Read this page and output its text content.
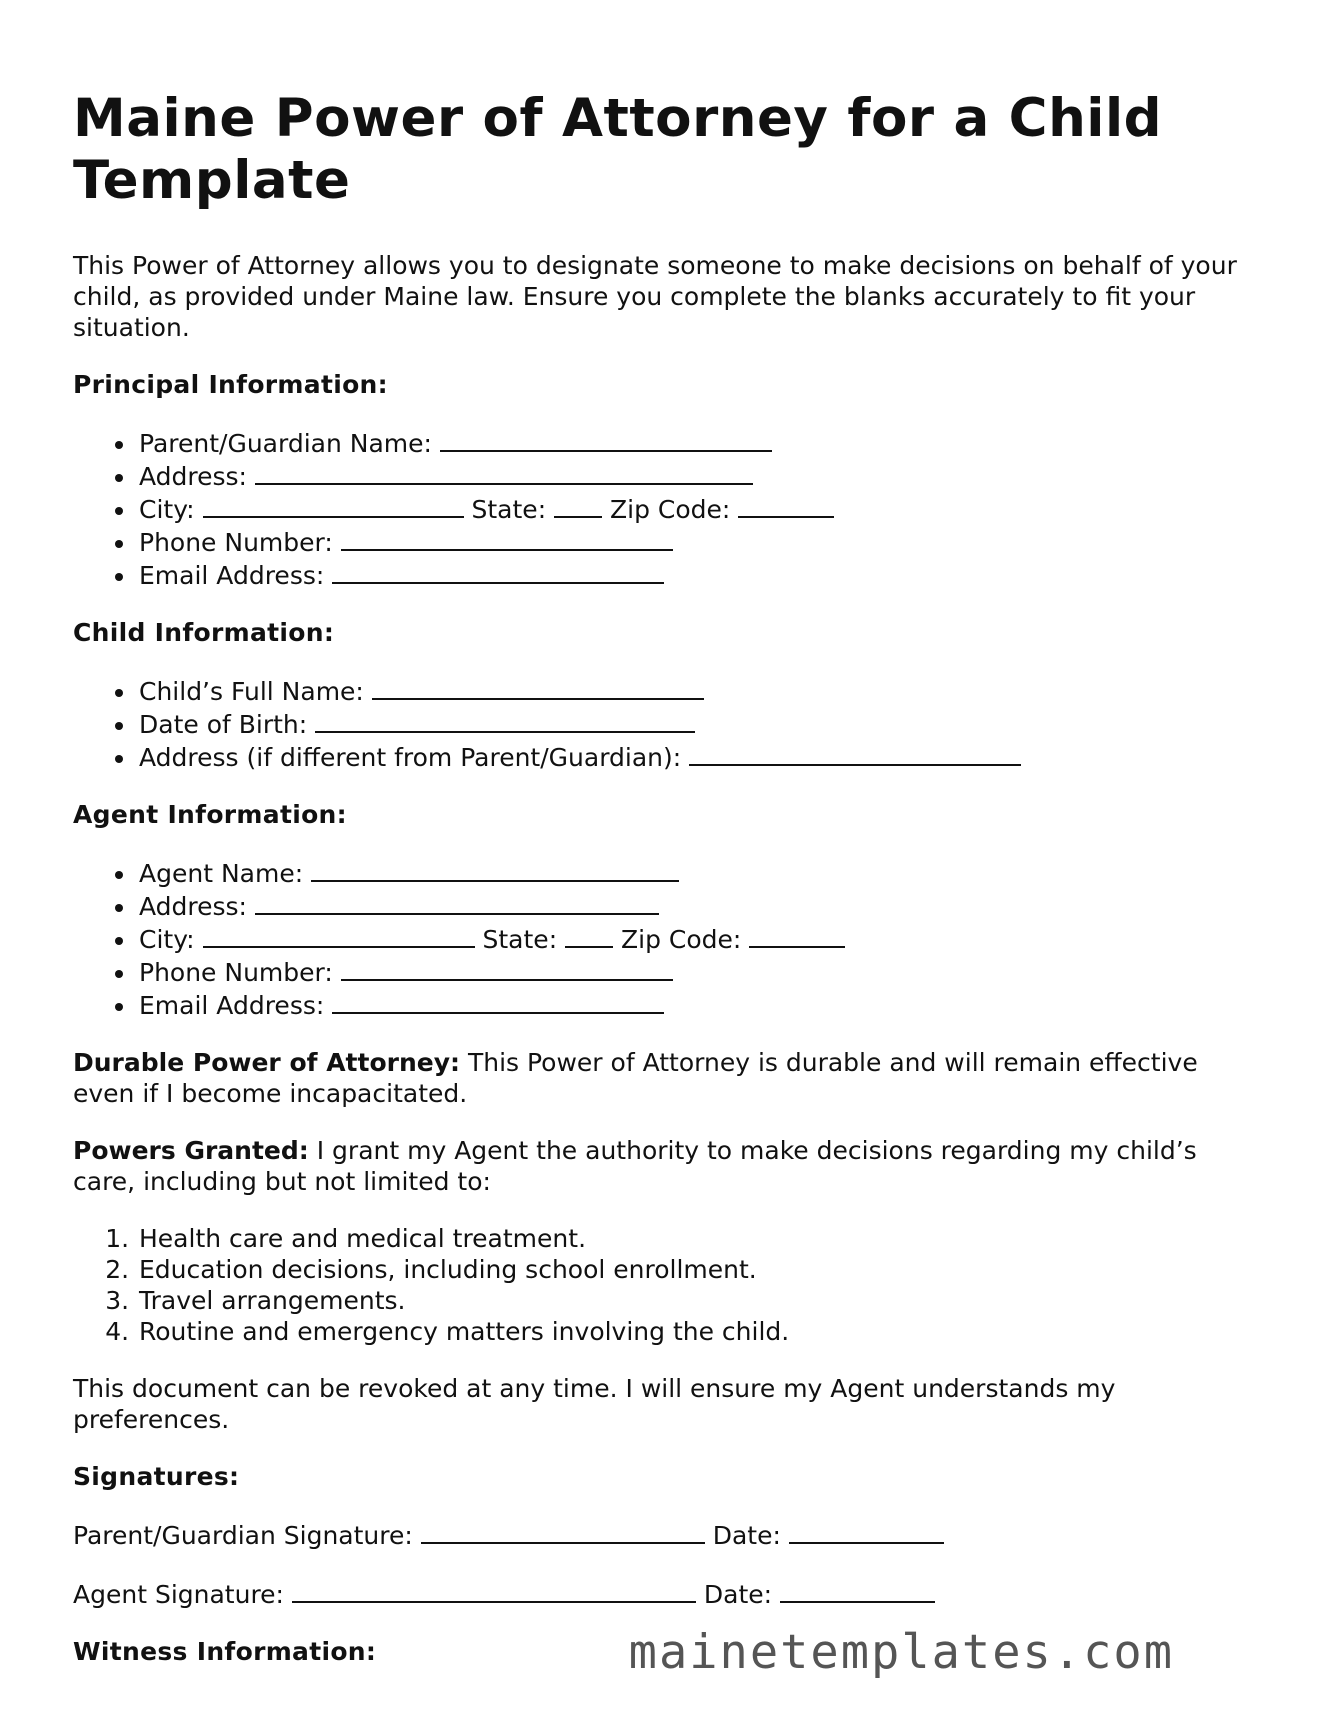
Maine Power of Attorney for a Child Template

This Power of Attorney allows you to designate someone to make decisions on behalf of your child, as provided under Maine law. Ensure you complete the blanks accurately to fit your situation.

Principal Information:
• Parent/Guardian Name:
• Address:
• City:	State:	Zip Code:
• Phone Number:
• Email Address:
Child Information:
• Child’s Full Name:
• Date of Birth:
• Address (if different from Parent/Guardian):
Agent Information:
• Agent Name:
• Address:
• City:	State:	Zip Code:
• Phone Number:
• Email Address:

Durable Power of Attorney: This Power of Attorney is durable and will remain effective even if I become incapacitated.

Powers Granted: I grant my Agent the authority to make decisions regarding my child’s care, including but not limited to:

1. Health care and medical treatment.
2. Education decisions, including school enrollment.
3. Travel arrangements.
4. Routine and emergency matters involving the child.

This document can be revoked at any time. I will ensure my Agent understands my preferences.

Signatures:
Parent/Guardian Signature:	Date:
Agent Signature:	Date:
Witness Information:	mainetemplates.com
